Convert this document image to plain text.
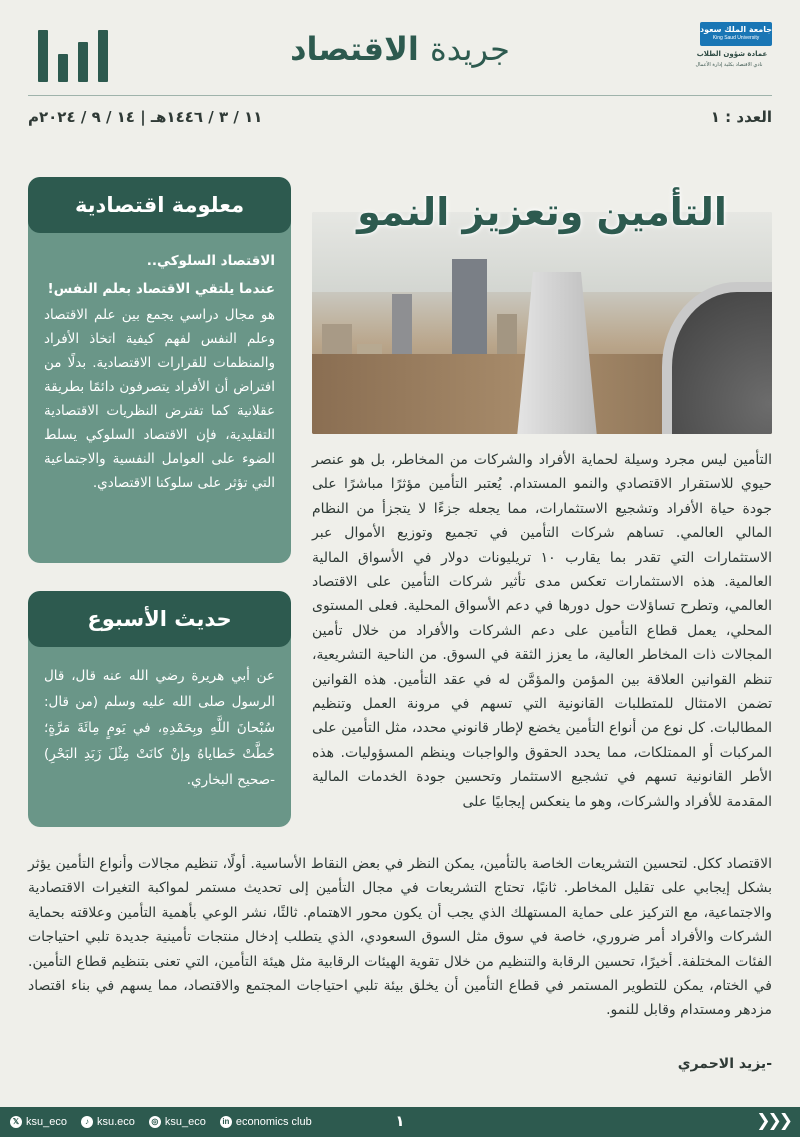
جامعة الملك سعود
King Saud University
عمادة شؤون الطلاب
نادي الاقتصاد بكلية إدارة الأعمال
جريدة الاقتصاد
العدد : ١
١١ / ٣ / ١٤٤٦هـ | ١٤ / ٩ / ٢٠٢٤م
معلومة اقتصادية
الاقتصاد السلوكي..
عندما يلتقي الاقتصاد بعلم النفس!
هو مجال دراسي يجمع بين علم الاقتصاد وعلم النفس لفهم كيفية اتخاذ الأفراد والمنظمات للقرارات الاقتصادية. بدلًا من افتراض أن الأفراد يتصرفون دائمًا بطريقة عقلانية كما تفترض النظريات الاقتصادية التقليدية، فإن الاقتصاد السلوكي يسلط الضوء على العوامل النفسية والاجتماعية التي تؤثر على سلوكنا الاقتصادي.
حديث الأسبوع
عن أبي هريرة رضي الله عنه قال، قال الرسول صلى الله عليه وسلم (من قال: سُبْحانَ اللَّهِ وبِحَمْدِهِ، في يَومٍ مِائَةَ مَرَّةٍ؛ حُطَّتْ خَطاياهُ وإنْ كانَتْ مِثْلَ زَبَدِ البَحْرِ) -صحيح البخاري.
التأمين وتعزيز النمو
التأمين ليس مجرد وسيلة لحماية الأفراد والشركات من المخاطر، بل هو عنصر حيوي للاستقرار الاقتصادي والنمو المستدام. يُعتبر التأمين مؤثرًا مباشرًا على جودة حياة الأفراد وتشجيع الاستثمارات، مما يجعله جزءًا لا يتجزأ من النظام المالي العالمي. تساهم شركات التأمين في تجميع وتوزيع الأموال عبر الاستثمارات التي تقدر بما يقارب ١٠ تريليونات دولار في الأسواق المالية العالمية. هذه الاستثمارات تعكس مدى تأثير شركات التأمين على الاقتصاد العالمي، وتطرح تساؤلات حول دورها في دعم الأسواق المحلية. فعلى المستوى المحلي، يعمل قطاع التأمين على دعم الشركات والأفراد من خلال تأمين المجالات ذات المخاطر العالية، ما يعزز الثقة في السوق. من الناحية التشريعية، تنظم القوانين العلاقة بين المؤمن والمؤمَّن له في عقد التأمين. هذه القوانين تضمن الامتثال للمتطلبات القانونية التي تسهم في مرونة العمل وتنظيم المطالبات. كل نوع من أنواع التأمين يخضع لإطار قانوني محدد، مثل التأمين على المركبات أو الممتلكات، مما يحدد الحقوق والواجبات وينظم المسؤوليات. هذه الأطر القانونية تسهم في تشجيع الاستثمار وتحسين جودة الخدمات المالية المقدمة للأفراد والشركات، وهو ما ينعكس إيجابيًا على
الاقتصاد ككل. لتحسين التشريعات الخاصة بالتأمين، يمكن النظر في بعض النقاط الأساسية. أولًا، تنظيم مجالات وأنواع التأمين يؤثر بشكل إيجابي على تقليل المخاطر. ثانيًا، تحتاج التشريعات في مجال التأمين إلى تحديث مستمر لمواكبة التغيرات الاقتصادية والاجتماعية، مع التركيز على حماية المستهلك الذي يجب أن يكون محور الاهتمام. ثالثًا، نشر الوعي بأهمية التأمين وعلاقته بحماية الشركات والأفراد أمر ضروري، خاصة في سوق مثل السوق السعودي، الذي يتطلب إدخال منتجات تأمينية جديدة تلبي احتياجات الفئات المختلفة. أخيرًا، تحسين الرقابة والتنظيم من خلال تقوية الهيئات الرقابية مثل هيئة التأمين، التي تعنى بتنظيم قطاع التأمين. في الختام، يمكن للتطوير المستمر في قطاع التأمين أن يخلق بيئة تلبي احتياجات المجتمع والاقتصاد، مما يسهم في بناء اقتصاد مزدهر ومستدام وقابل للنمو.
-يزيد الاحمري
𝕏 ksu_eco	♪ ksu.eco	◎ ksu_eco	in economics club	١	❯❯❯
